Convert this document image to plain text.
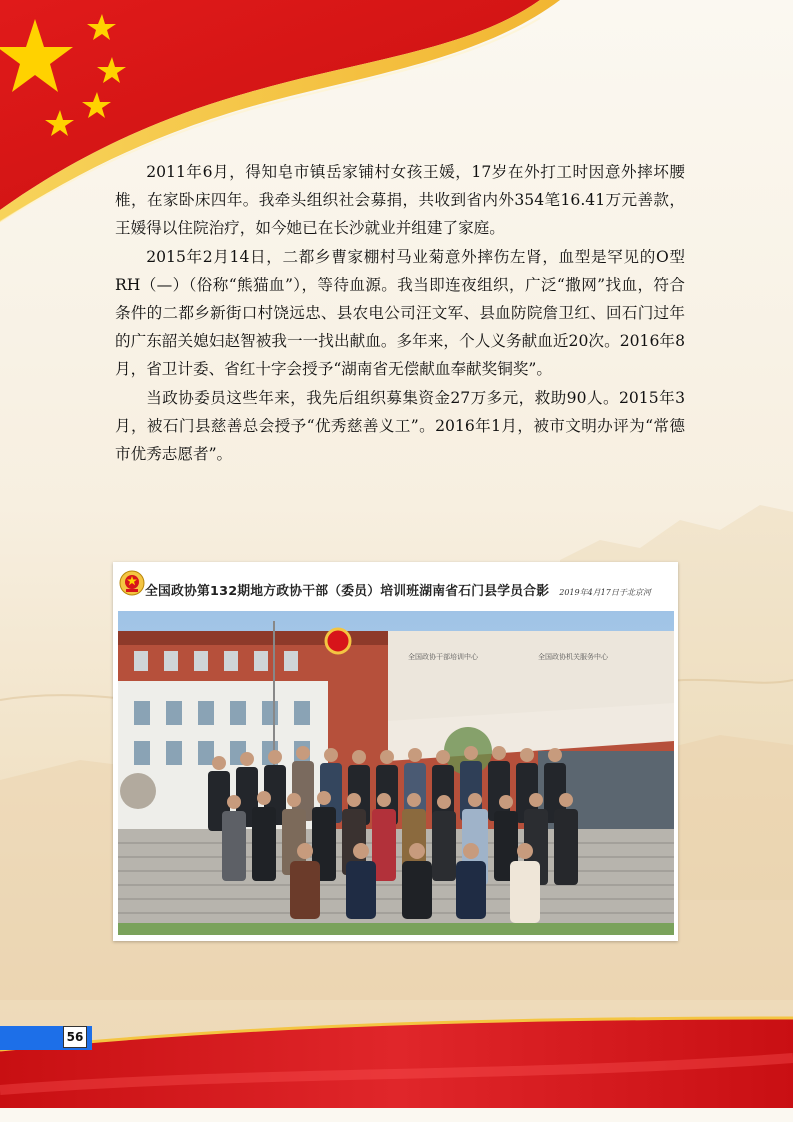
2011年6月，得知皂市镇岳家铺村女孩王媛，17岁在外打工时因意外摔坏腰椎，在家卧床四年。我牵头组织社会募捐，共收到省内外354笔16.41万元善款，王媛得以住院治疗，如今她已在长沙就业并组建了家庭。

2015年2月14日，二都乡曹家棚村马业菊意外摔伤左肾，血型是罕见的O型RH（—）（俗称“熊猫血”），等待血源。我当即连夜组织，广泛“撒网”找血，符合条件的二都乡新街口村饶远忠、县农电公司汪文军、县血防院詹卫红、回石门过年的广东韶关媳妇赵智被我一一找出献血。多年来，个人义务献血近20次。2016年8月，省卫计委、省红十字会授予“湖南省无偿献血奉献奖铜奖”。

当政协委员这些年来，我先后组织募集资金27万多元，救助90人。2015年3月，被石门县慈善总会授予“优秀慈善义工”。2016年1月，被市文明办评为“常德市优秀志愿者”。

全国政协第132期地方政协干部（委员）培训班湖南省石门县学员合影 2019年4月17日于北京河
全国政协干部培训中心	全国政协机关服务中心
56
